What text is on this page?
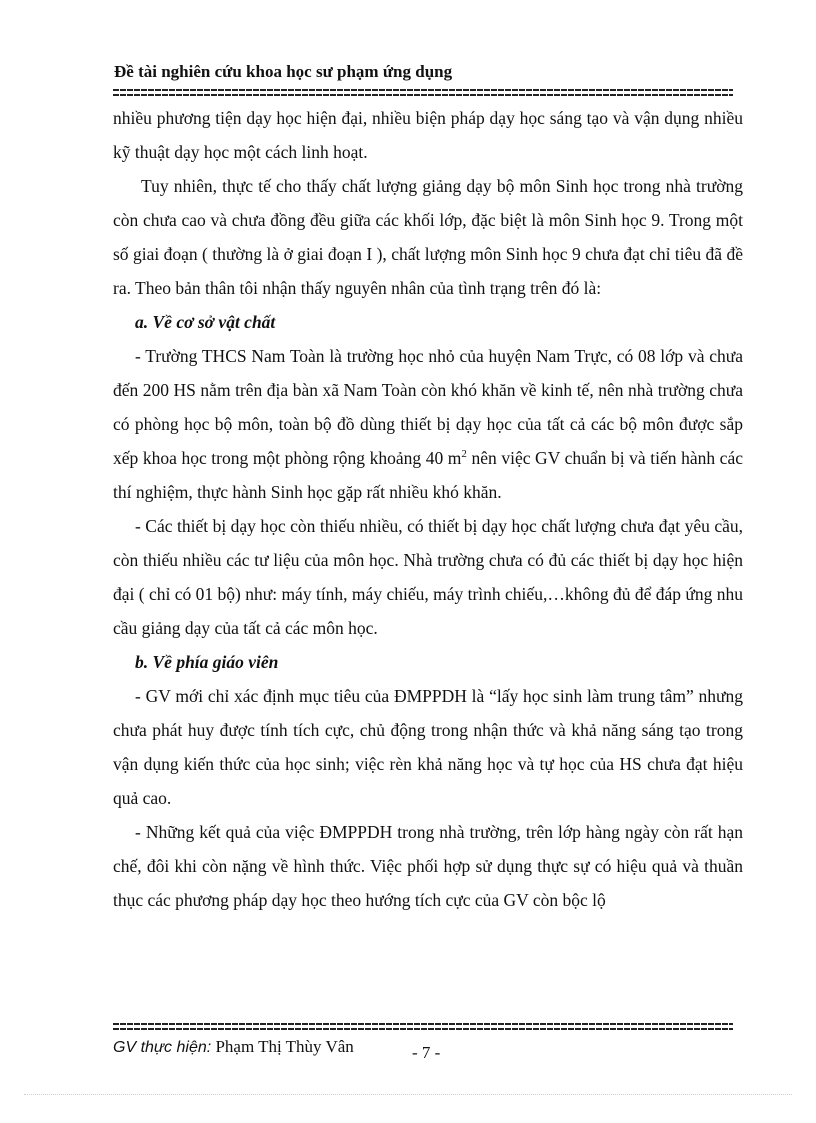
Đề tài nghiên cứu khoa học sư phạm ứng dụng

nhiều phương tiện dạy học hiện đại, nhiều biện pháp dạy học sáng tạo và vận dụng nhiều kỹ thuật dạy học một cách linh hoạt.

Tuy nhiên, thực tế cho thấy chất lượng giảng dạy bộ môn Sinh học trong nhà trường còn chưa cao và chưa đồng đều giữa các khối lớp, đặc biệt là môn Sinh học 9. Trong một số giai đoạn ( thường là ở giai đoạn I ), chất lượng môn Sinh học 9 chưa đạt chỉ tiêu đã đề ra. Theo bản thân tôi nhận thấy nguyên nhân của tình trạng trên đó là:

a. Về cơ sở vật chất

- Trường THCS Nam Toàn là trường học nhỏ của huyện Nam Trực, có 08 lớp và chưa đến 200 HS nằm trên địa bàn xã Nam Toàn còn khó khăn về kinh tế, nên nhà trường chưa có phòng học bộ môn, toàn bộ đồ dùng thiết bị dạy học của tất cả các bộ môn được sắp xếp khoa học trong một phòng rộng khoảng 40 $m^2$ nên việc GV chuẩn bị và tiến hành các thí nghiệm, thực hành Sinh học gặp rất nhiều khó khăn.

- Các thiết bị dạy học còn thiếu nhiều, có thiết bị dạy học chất lượng chưa đạt yêu cầu, còn thiếu nhiều các tư liệu của môn học. Nhà trường chưa có đủ các thiết bị dạy học hiện đại ( chỉ có 01 bộ) như: máy tính, máy chiếu, máy trình chiếu,…không đủ để đáp ứng nhu cầu giảng dạy của tất cả các môn học.

b. Về phía giáo viên

- GV mới chỉ xác định mục tiêu của ĐMPPDH là “lấy học sinh làm trung tâm” nhưng chưa phát huy được tính tích cực, chủ động trong nhận thức và khả năng sáng tạo trong vận dụng kiến thức của học sinh; việc rèn khả năng học và tự học của HS chưa đạt hiệu quả cao.

- Những kết quả của việc ĐMPPDH trong nhà trường, trên lớp hàng ngày còn rất hạn chế, đôi khi còn nặng về hình thức. Việc phối hợp sử dụng thực sự có hiệu quả và thuần thục các phương pháp dạy học theo hướng tích cực của GV còn bộc lộ

GV thực hiện: Phạm Thị Thùy Vân	- 7 -
